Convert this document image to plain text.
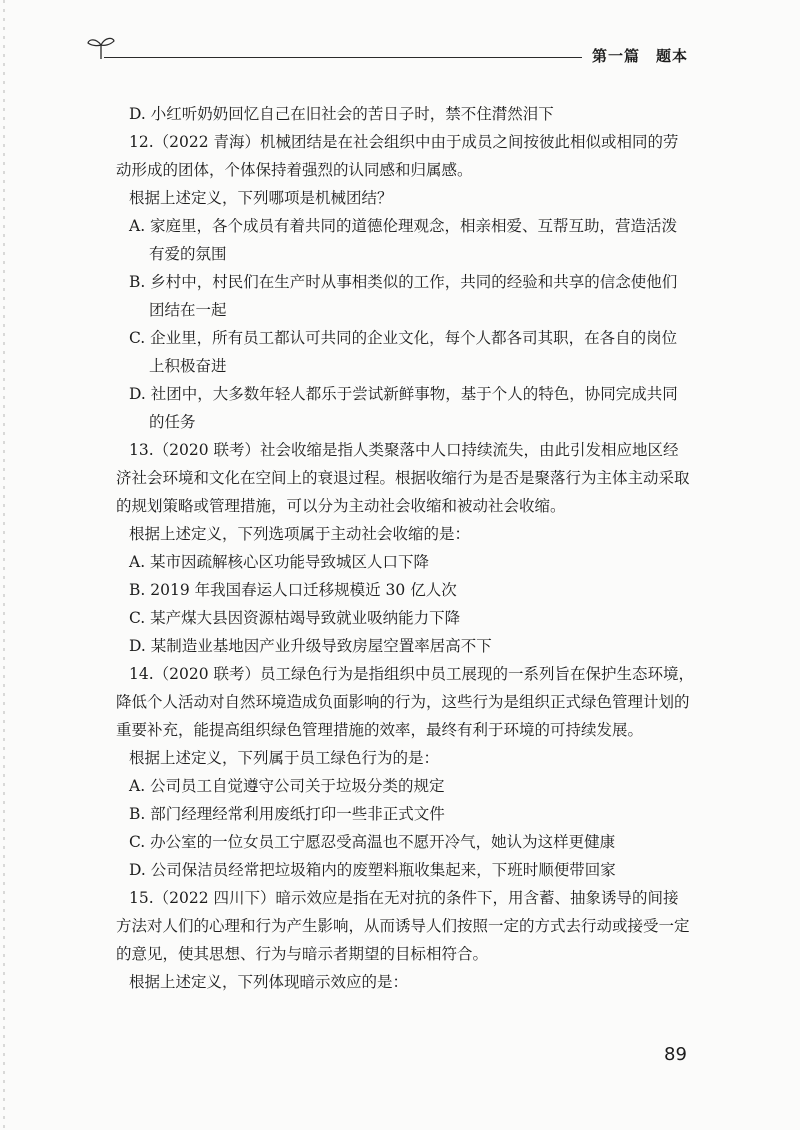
第一篇　题本
D. 小红听奶奶回忆自己在旧社会的苦日子时，禁不住潸然泪下
12.（2022 青海）机械团结是在社会组织中由于成员之间按彼此相似或相同的劳
动形成的团体，个体保持着强烈的认同感和归属感。
根据上述定义，下列哪项是机械团结？
A. 家庭里，各个成员有着共同的道德伦理观念，相亲相爱、互帮互助，营造活泼
有爱的氛围
B. 乡村中，村民们在生产时从事相类似的工作，共同的经验和共享的信念使他们
团结在一起
C. 企业里，所有员工都认可共同的企业文化，每个人都各司其职，在各自的岗位
上积极奋进
D. 社团中，大多数年轻人都乐于尝试新鲜事物，基于个人的特色，协同完成共同
的任务
13.（2020 联考）社会收缩是指人类聚落中人口持续流失，由此引发相应地区经
济社会环境和文化在空间上的衰退过程。根据收缩行为是否是聚落行为主体主动采取
的规划策略或管理措施，可以分为主动社会收缩和被动社会收缩。
根据上述定义，下列选项属于主动社会收缩的是：
A. 某市因疏解核心区功能导致城区人口下降
B. 2019 年我国春运人口迁移规模近 30 亿人次
C. 某产煤大县因资源枯竭导致就业吸纳能力下降
D. 某制造业基地因产业升级导致房屋空置率居高不下
14.（2020 联考）员工绿色行为是指组织中员工展现的一系列旨在保护生态环境，
降低个人活动对自然环境造成负面影响的行为，这些行为是组织正式绿色管理计划的
重要补充，能提高组织绿色管理措施的效率，最终有利于环境的可持续发展。
根据上述定义，下列属于员工绿色行为的是：
A. 公司员工自觉遵守公司关于垃圾分类的规定
B. 部门经理经常利用废纸打印一些非正式文件
C. 办公室的一位女员工宁愿忍受高温也不愿开冷气，她认为这样更健康
D. 公司保洁员经常把垃圾箱内的废塑料瓶收集起来，下班时顺便带回家
15.（2022 四川下）暗示效应是指在无对抗的条件下，用含蓄、抽象诱导的间接
方法对人们的心理和行为产生影响，从而诱导人们按照一定的方式去行动或接受一定
的意见，使其思想、行为与暗示者期望的目标相符合。
根据上述定义，下列体现暗示效应的是：
89
